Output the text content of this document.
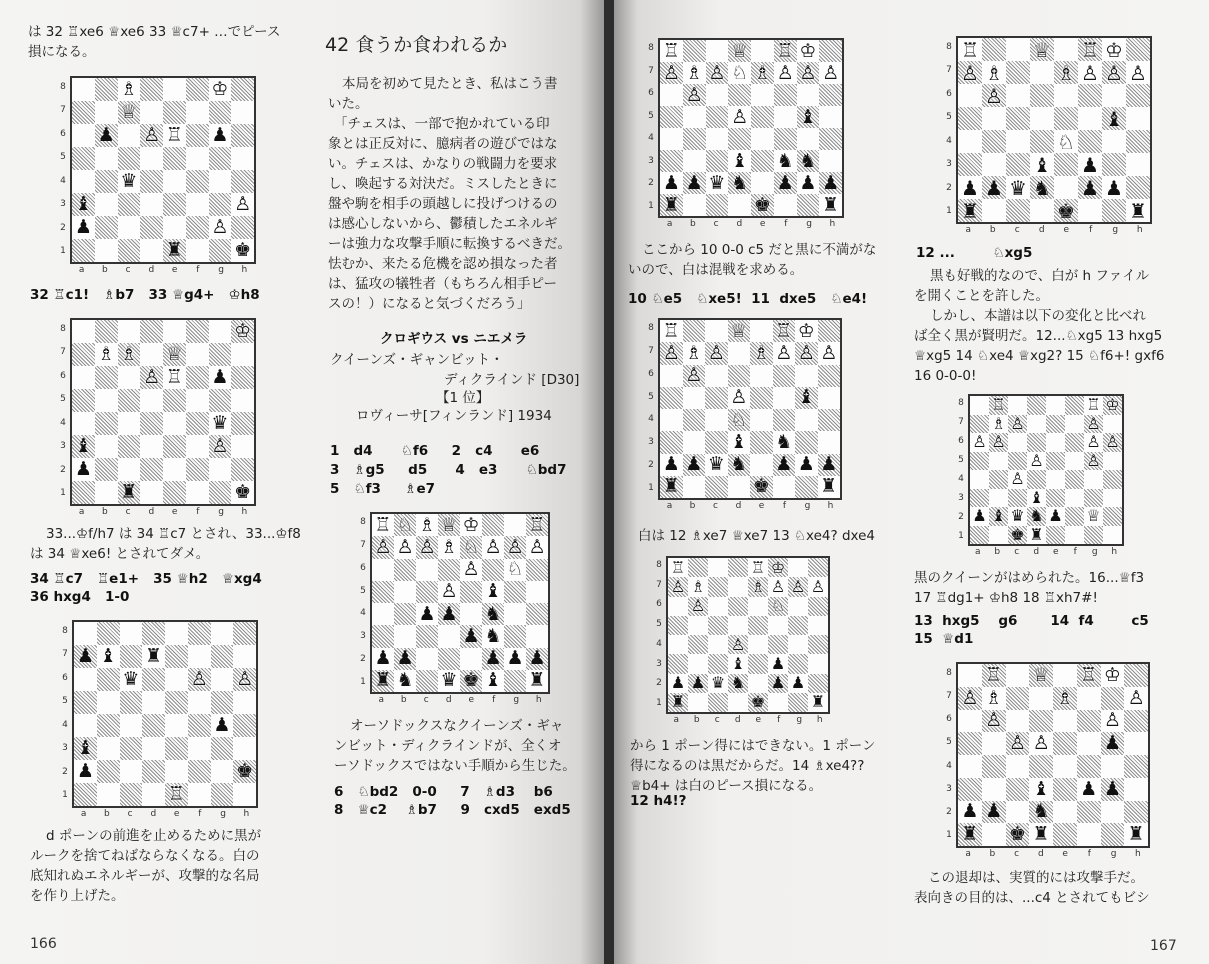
は 32 ♖xe6 ♕xe6 33 ♕c7+ …でピース
損になる。
8
7
6
5
4
3
2
1
♗	♔
♕
♟ ♙ ♖ ♟
♛
♝	♙
♟	♙
♜	♚
a	b	c	d	e	f	g	h
32 ♖c1!   ♗b7   33 ♕g4+   ♔h8
8
7
6
5
4
3
2
1
♔
♗ ♗ ♕
♙ ♖ ♟
♛
♝	♙
♟
♜	♚
a	b	c	d	e	f	g	h
33...♔f/h7 は 34 ♖c7 とされ、33...♔f8
は 34 ♕xe6! とされてダメ。
34 ♖c7   ♖e1+   35 ♕h2   ♕xg4
36 hxg4   1-0
8
7
6
5
4
3
2
1
♟ ♝ ♜
♛	♙ ♙
♟
♝
♟	♚
♖
a	b	c	d	e	f	g	h
d ポーンの前進を止めるために黒が
ルークを捨てねばならなくなる。白の
底知れぬエネルギーが、攻撃的な名局
を作り上げた。
166
42 食うか食われるか
本局を初めて見たとき、私はこう書
いた。
「チェスは、一部で抱かれている印
象とは正反対に、臆病者の遊びではな
い。チェスは、かなりの戦闘力を要求
し、喚起する対決だ。ミスしたときに
盤や駒を相手の頭越しに投げつけるの
は感心しないから、鬱積したエネルギ
ーは強力な攻撃手順に転換するべきだ。
怯むか、来たる危機を認め損なった者
は、猛攻の犠牲者（もちろん相手ピー
スの！）になると気づくだろう」
クロギウス vs ニエメラ
クイーンズ・ギャンビット・
ディクラインド [D30]
【1 位】
ロヴィーサ[フィンランド] 1934
1   d4      ♘f6     2   c4      e6
3   ♗g5     d5      4   e3      ♘bd7
5   ♘f3     ♗e7
8
7
6
5
4
3
2
1
♖ ♘ ♗ ♕ ♔	♖
♙ ♙ ♙ ♗ ♘ ♙ ♙ ♙
♙ ♘
♙ ♝
♟ ♟ ♞
♟ ♞
♟ ♟	♟ ♟ ♟
♜ ♞ ♛ ♚ ♝ ♜
a	b	c	d	e	f	g	h
オーソドックスなクイーンズ・ギャ
ンビット・ディクラインドが、全くオ
ーソドックスではない手順から生じた。
6   ♘bd2   0-0     7   ♗d3    b6
8   ♕c2    ♗b7     9   cxd5   exd5
8
7
6
5
4
3
2
1
♖	♕ ♖ ♔
♙ ♗ ♙ ♘ ♗ ♙ ♙ ♙
♙
♙	♝
♝ ♞ ♞
♟ ♟ ♛ ♞ ♟ ♟ ♟
♜	♚	♜
a	b	c	d	e	f	g	h
ここから 10 0-0 c5 だと黒に不満がな
いので、白は混戦を求める。
10 ♘e5   ♘xe5!  11  dxe5   ♘e4!
8
7
6
5
4
3
2
1
♖	♕ ♖ ♔
♙ ♗ ♙ ♗ ♙ ♙ ♙
♙
♙	♝
♘
♝ ♞
♟ ♟ ♛ ♞ ♟ ♟ ♟
♜	♚	♜
a	b	c	d	e	f	g	h
白は 12 ♗xe7 ♕xe7 13 ♘xe4? dxe4
8
7
6
5
4
3
2
1
♖	♖ ♔
♙ ♗	♗ ♙ ♙ ♙
♙	♘
♙
♝ ♟
♟ ♟ ♛ ♞ ♟ ♟
♜	♚	♜
a	b	c	d	e	f	g	h
から 1 ポーン得にはできない。1 ポーン
得になるのは黒だからだ。14 ♗xe4??
♕b4+ は白のピース損になる。
12 h4!?
8
7
6
5
4
3
2
1
♖	♕ ♖ ♔
♙ ♗	♗ ♙ ♙ ♙
♙
♝
♘
♝ ♟
♟ ♟ ♛ ♞ ♟ ♟
♜	♚	♜
a	b	c	d	e	f	g	h
12 ...        ♘xg5
黒も好戦的なので、白が h ファイル
を開くことを許した。
しかし、本譜は以下の変化と比べれ
ば全く黒が賢明だ。12...♘xg5 13 hxg5
♕xg5 14 ♘xe4 ♕xg2? 15 ♘f6+! gxf6
16 0-0-0!
8
7
6
5
4
3
2
1
♖	♖ ♔
♗ ♙	♙
♙ ♙	♙ ♙
♙	♙
♙
♝
♟ ♝ ♛ ♞ ♟ ♕
♚ ♜
a	b	c	d	e	f	g	h
黒のクイーンがはめられた。16...♕f3
17 ♖dg1+ ♔h8 18 ♖xh7#!
13  hxg5    g6       14  f4        c5
15  ♕d1
8
7
6
5
4
3
2
1
♖ ♕ ♖ ♔
♙ ♗	♗	♙
♙	♙
♙ ♙	♟
♝ ♟ ♟
♟ ♟ ♞
♜ ♚ ♜	♜
a	b	c	d	e	f	g	h
この退却は、実質的には攻撃手だ。
表向きの目的は、...c4 とされてもビシ
167
